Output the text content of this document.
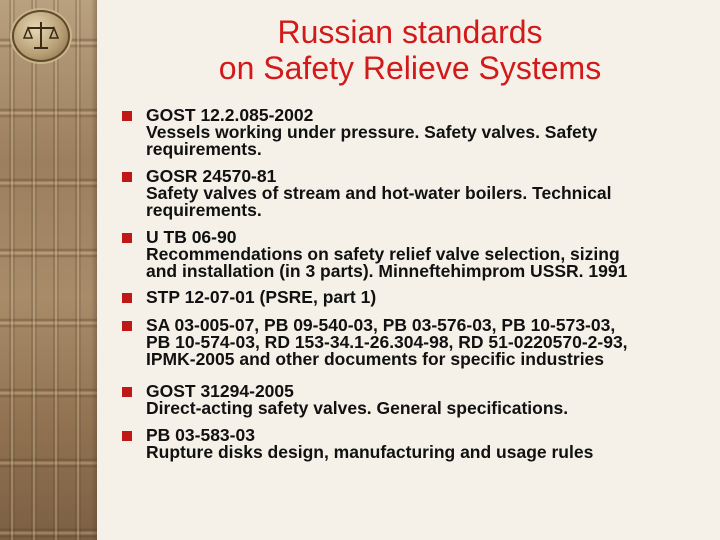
Russian standards
on Safety Relieve Systems
GOST 12.2.085-2002
Vessels working under pressure. Safety valves. Safety
requirements.
GOSR 24570-81
Safety valves of stream and hot-water boilers. Technical
requirements.
U TB 06-90
Recommendations on safety relief valve selection, sizing
and installation (in 3 parts). Minneftehimprom USSR. 1991
STP 12-07-01 (PSRE, part 1)
SA 03-005-07, PB 09-540-03, PB 03-576-03, PB 10-573-03,
PB 10-574-03, RD 153-34.1-26.304-98, RD 51-0220570-2-93,
IPMK-2005 and other documents for specific industries
GOST 31294-2005
Direct-acting safety valves. General specifications.
PB 03-583-03
Rupture disks design, manufacturing and usage rules
